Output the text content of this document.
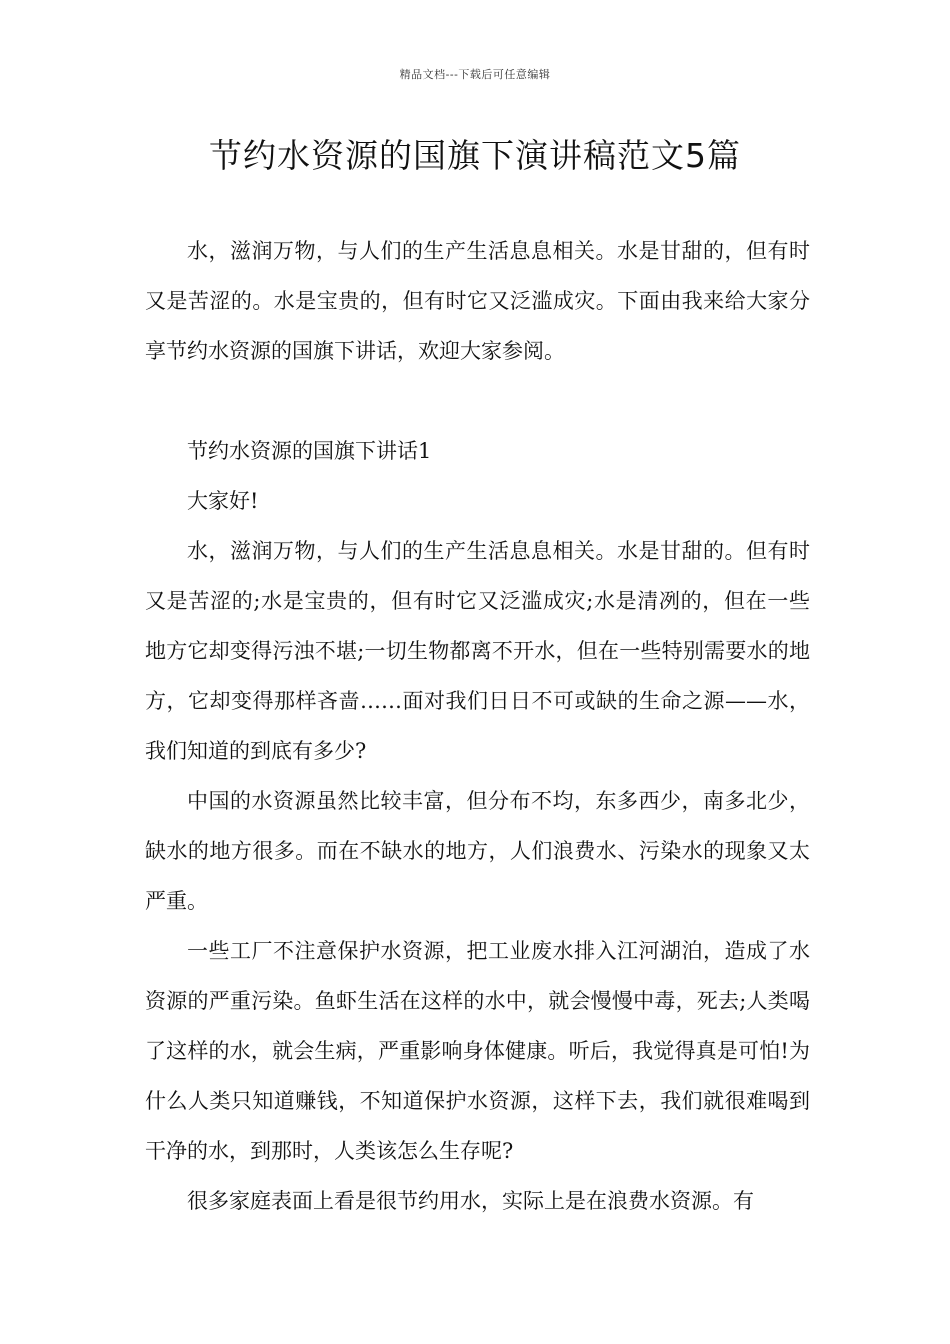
精品文档---下载后可任意编辑
节约水资源的国旗下演讲稿范文5篇

水，滋润万物，与人们的生产生活息息相关。水是甘甜的，但有时又是苦涩的。水是宝贵的，但有时它又泛滥成灾。下面由我来给大家分享节约水资源的国旗下讲话，欢迎大家参阅。

节约水资源的国旗下讲话1

大家好!

水，滋润万物，与人们的生产生活息息相关。水是甘甜的。但有时又是苦涩的;水是宝贵的，但有时它又泛滥成灾;水是清冽的，但在一些地方它却变得污浊不堪;一切生物都离不开水，但在一些特别需要水的地方，它却变得那样吝啬……面对我们日日不可或缺的生命之源——水，我们知道的到底有多少?

中国的水资源虽然比较丰富，但分布不均，东多西少，南多北少，缺水的地方很多。而在不缺水的地方，人们浪费水、污染水的现象又太严重。

一些工厂不注意保护水资源，把工业废水排入江河湖泊，造成了水资源的严重污染。鱼虾生活在这样的水中，就会慢慢中毒，死去;人类喝了这样的水，就会生病，严重影响身体健康。听后，我觉得真是可怕!为什么人类只知道赚钱，不知道保护水资源，这样下去，我们就很难喝到干净的水，到那时，人类该怎么生存呢?

很多家庭表面上看是很节约用水，实际上是在浪费水资源。有
